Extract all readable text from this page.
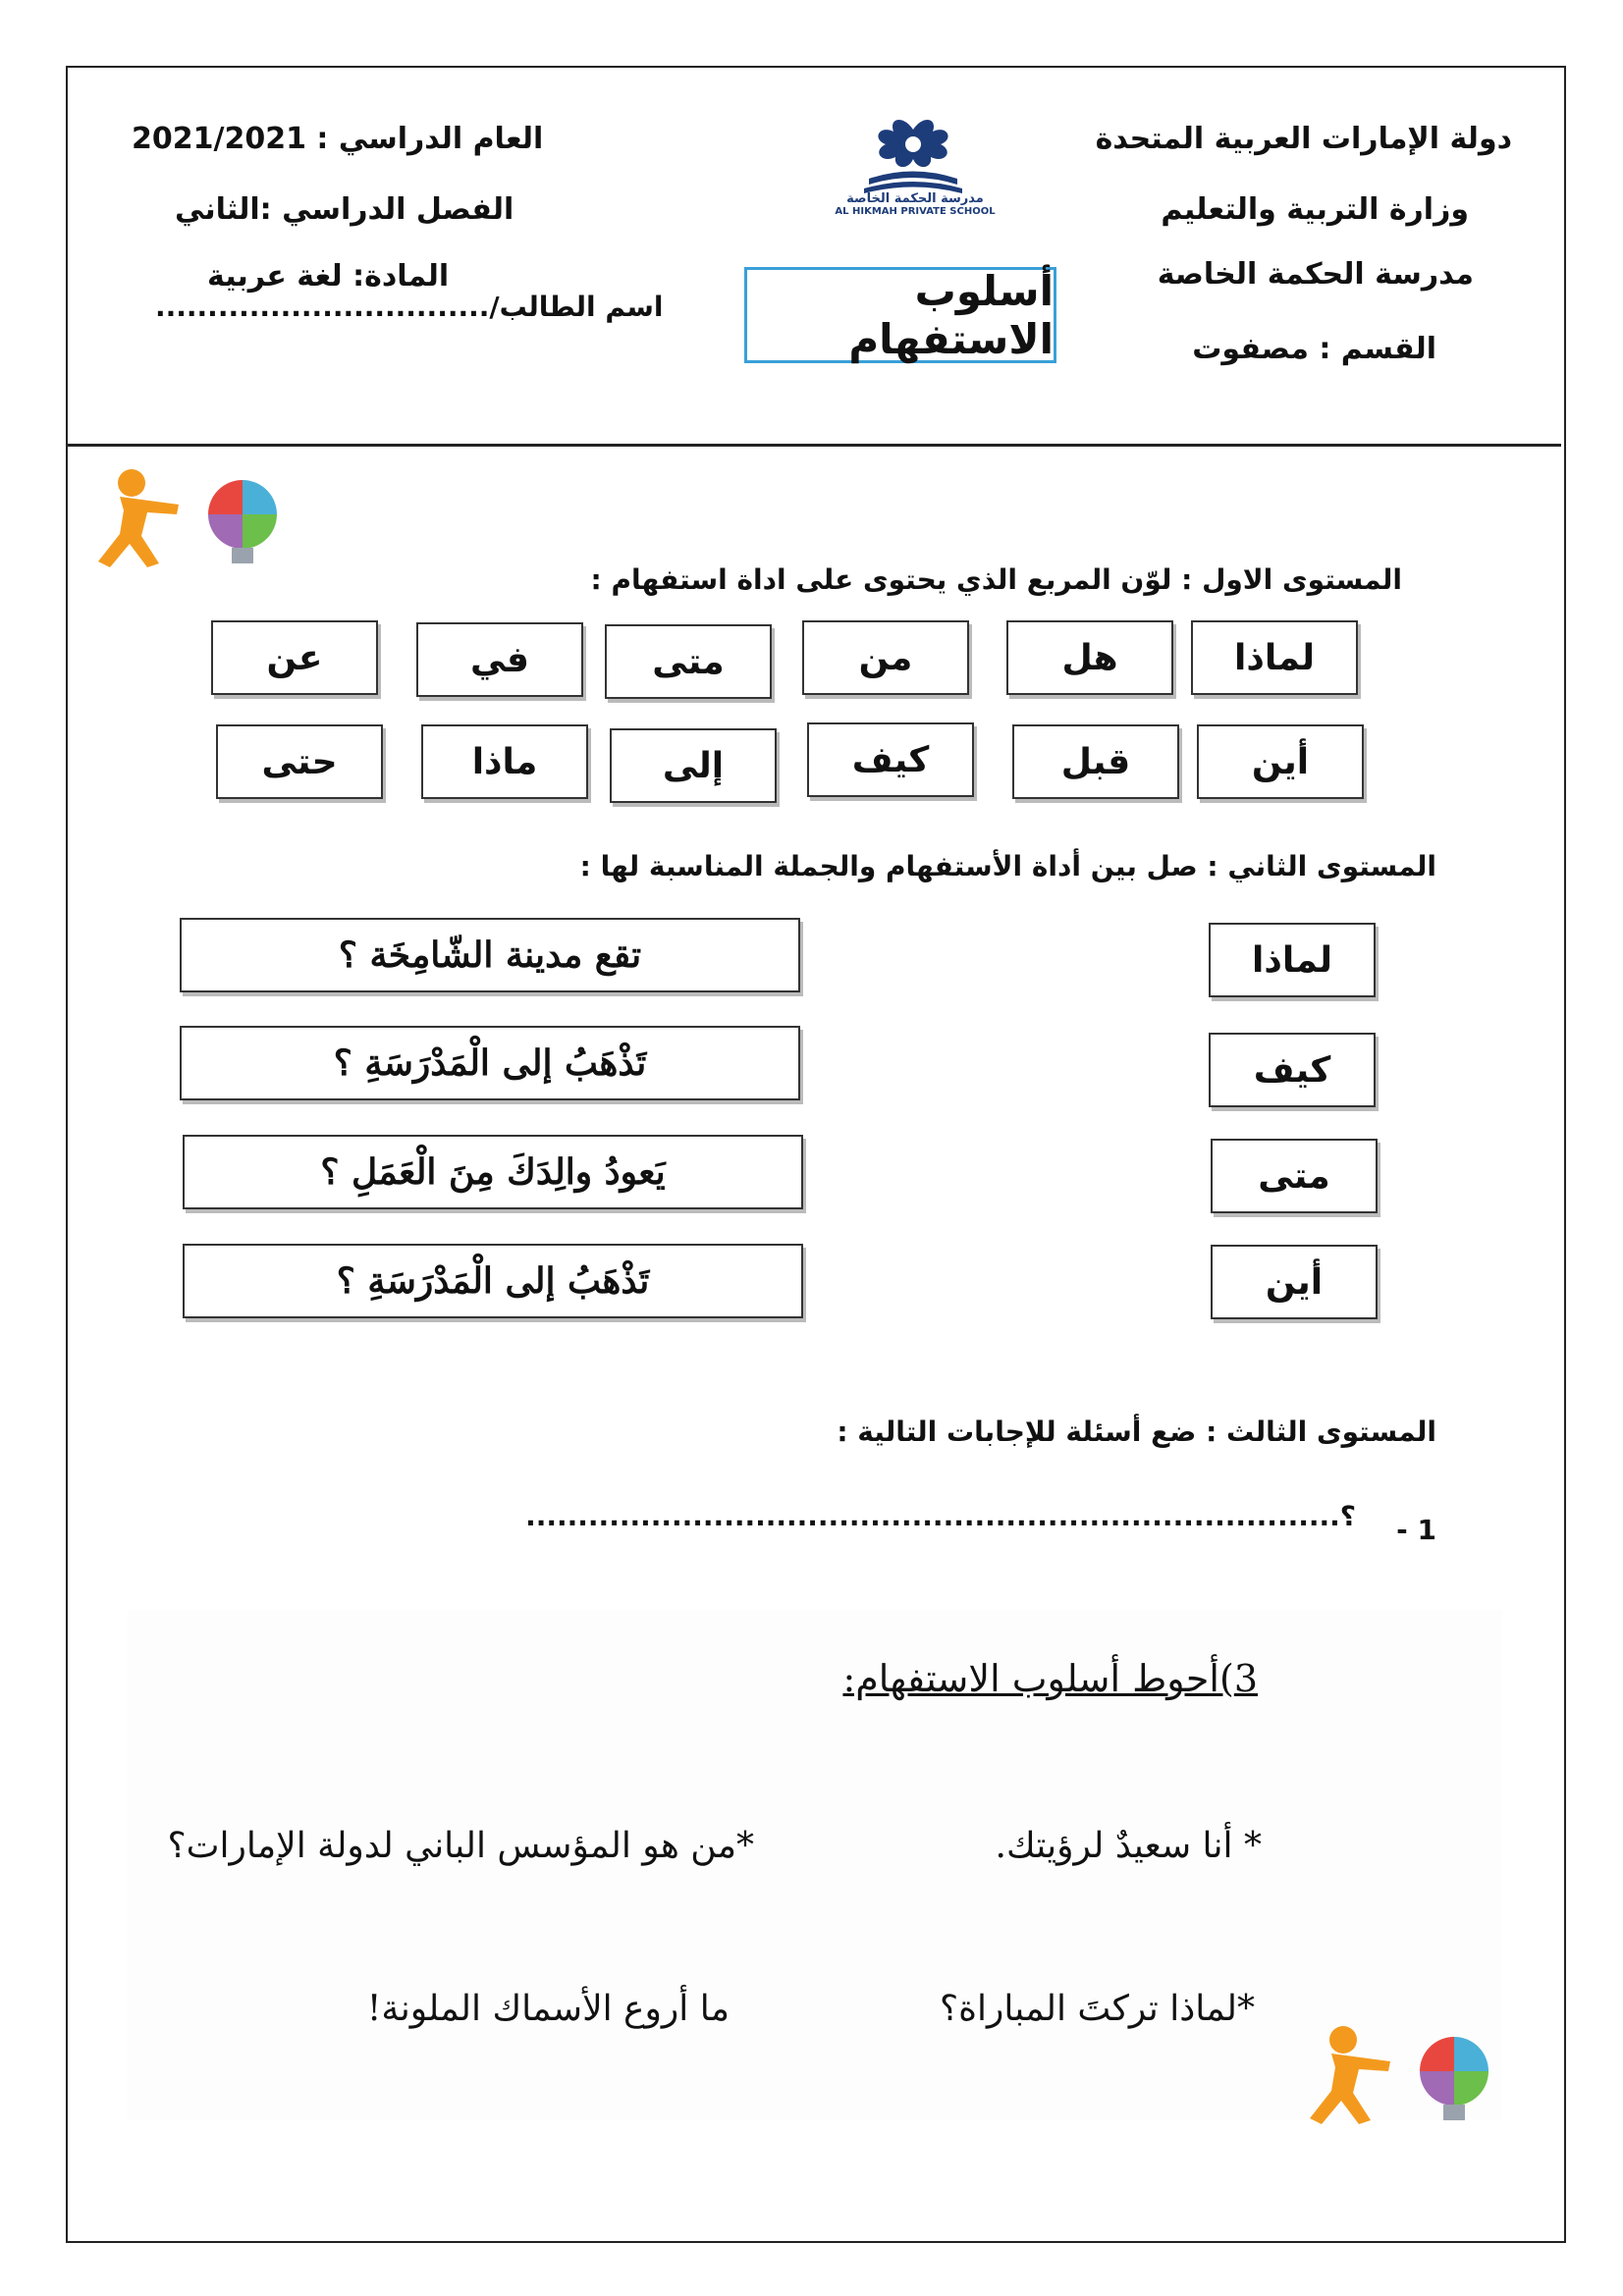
دولة الإمارات العربية المتحدة
وزارة التربية والتعليم
مدرسة الحكمة الخاصة
القسم : مصفوت
العام الدراسي : 2021/2021
الفصل الدراسي :الثاني
المادة: لغة عربية
اسم الطالب/................................
مدرسة الحكمة الخاصة
AL HIKMAH PRIVATE SCHOOL
أسلوب الاستفهام
المستوى الاول : لوّن المربع الذي يحتوى على اداة استفهام :
لماذا
هل
من
متى
في
عن
أين
قبل
كيف
إلى
ماذا
حتى
المستوى الثاني : صل بين أداة الأستفهام والجملة المناسبة لها :
لماذا
كيف
متى
أين
تقع مدينة الشّامِخَة ؟
تَذْهَبُ إلى الْمَدْرَسَةِ ؟
يَعودُ والِدَكَ مِنَ الْعَمَلِ ؟
تَذْهَبُ إلى الْمَدْرَسَةِ ؟
المستوى الثالث : ضع أسئلة للإجابات التالية :
1 -
؟..............................................................................
3)أحوط أسلوب الاستفهام:
* أنا سعيدٌ لرؤيتك.
*من هو المؤسس الباني لدولة الإمارات؟
*لماذا تركتَ المباراة؟
ما أروع الأسماك الملونة!
